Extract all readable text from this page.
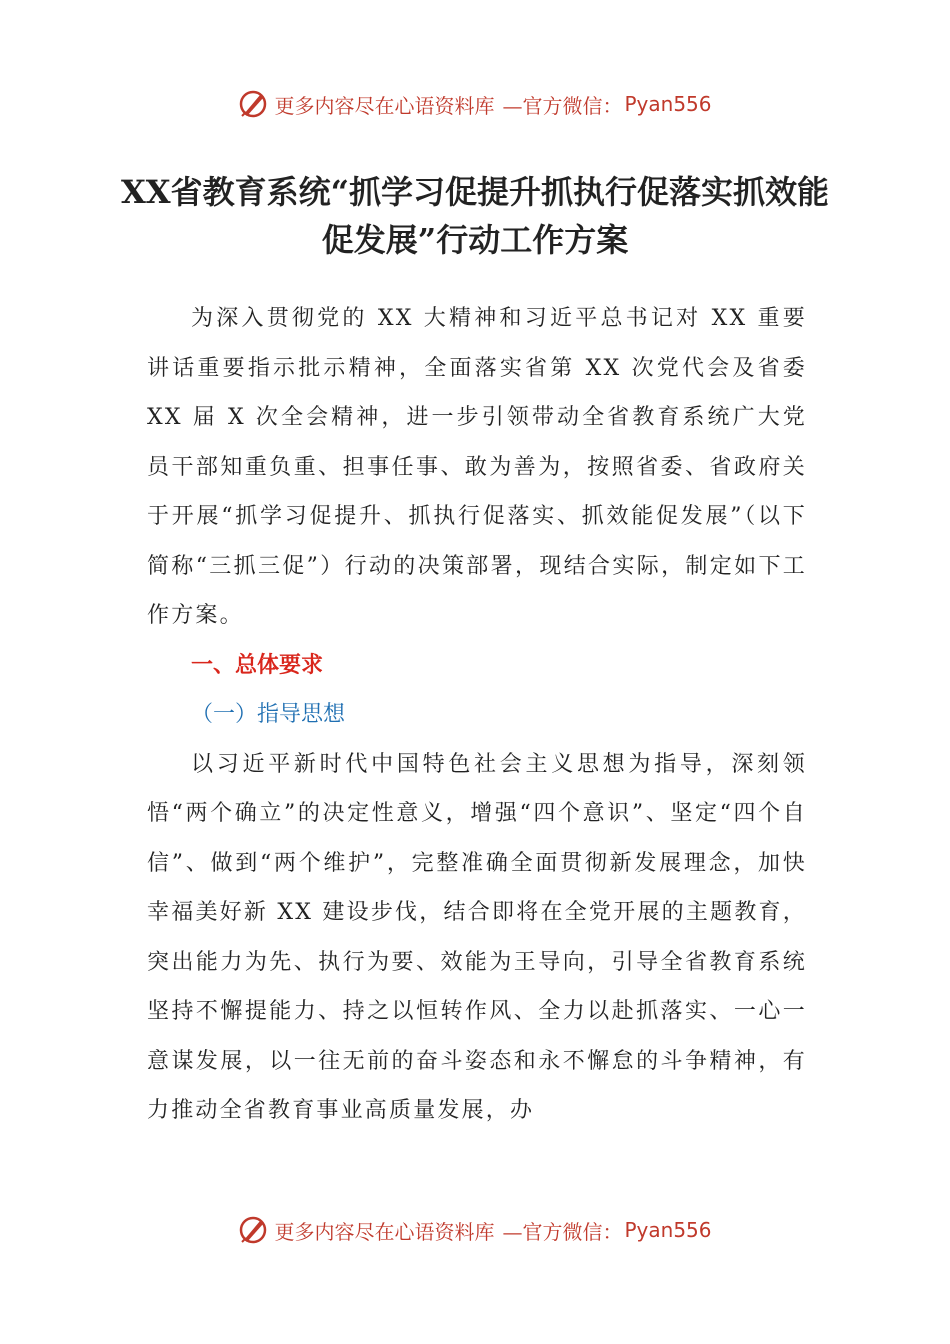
更多内容尽在心语资料库 —官方微信： Pyan556
XX省教育系统“抓学习促提升抓执行促落实抓效能促发展”行动工作方案

为深入贯彻党的 XX 大精神和习近平总书记对 XX 重要讲话重要指示批示精神，全面落实省第 XX 次党代会及省委 XX 届 X 次全会精神，进一步引领带动全省教育系统广大党员干部知重负重、担事任事、敢为善为，按照省委、省政府关于开展“抓学习促提升、抓执行促落实、抓效能促发展”（以下简称“三抓三促”）行动的决策部署，现结合实际，制定如下工作方案。

一、总体要求

（一）指导思想

以习近平新时代中国特色社会主义思想为指导，深刻领悟“两个确立”的决定性意义，增强“四个意识”、坚定“四个自信”、做到“两个维护”，完整准确全面贯彻新发展理念，加快幸福美好新 XX 建设步伐，结合即将在全党开展的主题教育，突出能力为先、执行为要、效能为王导向，引导全省教育系统坚持不懈提能力、持之以恒转作风、全力以赴抓落实、一心一意谋发展，以一往无前的奋斗姿态和永不懈怠的斗争精神，有力推动全省教育事业高质量发展，办

更多内容尽在心语资料库 —官方微信： Pyan556
